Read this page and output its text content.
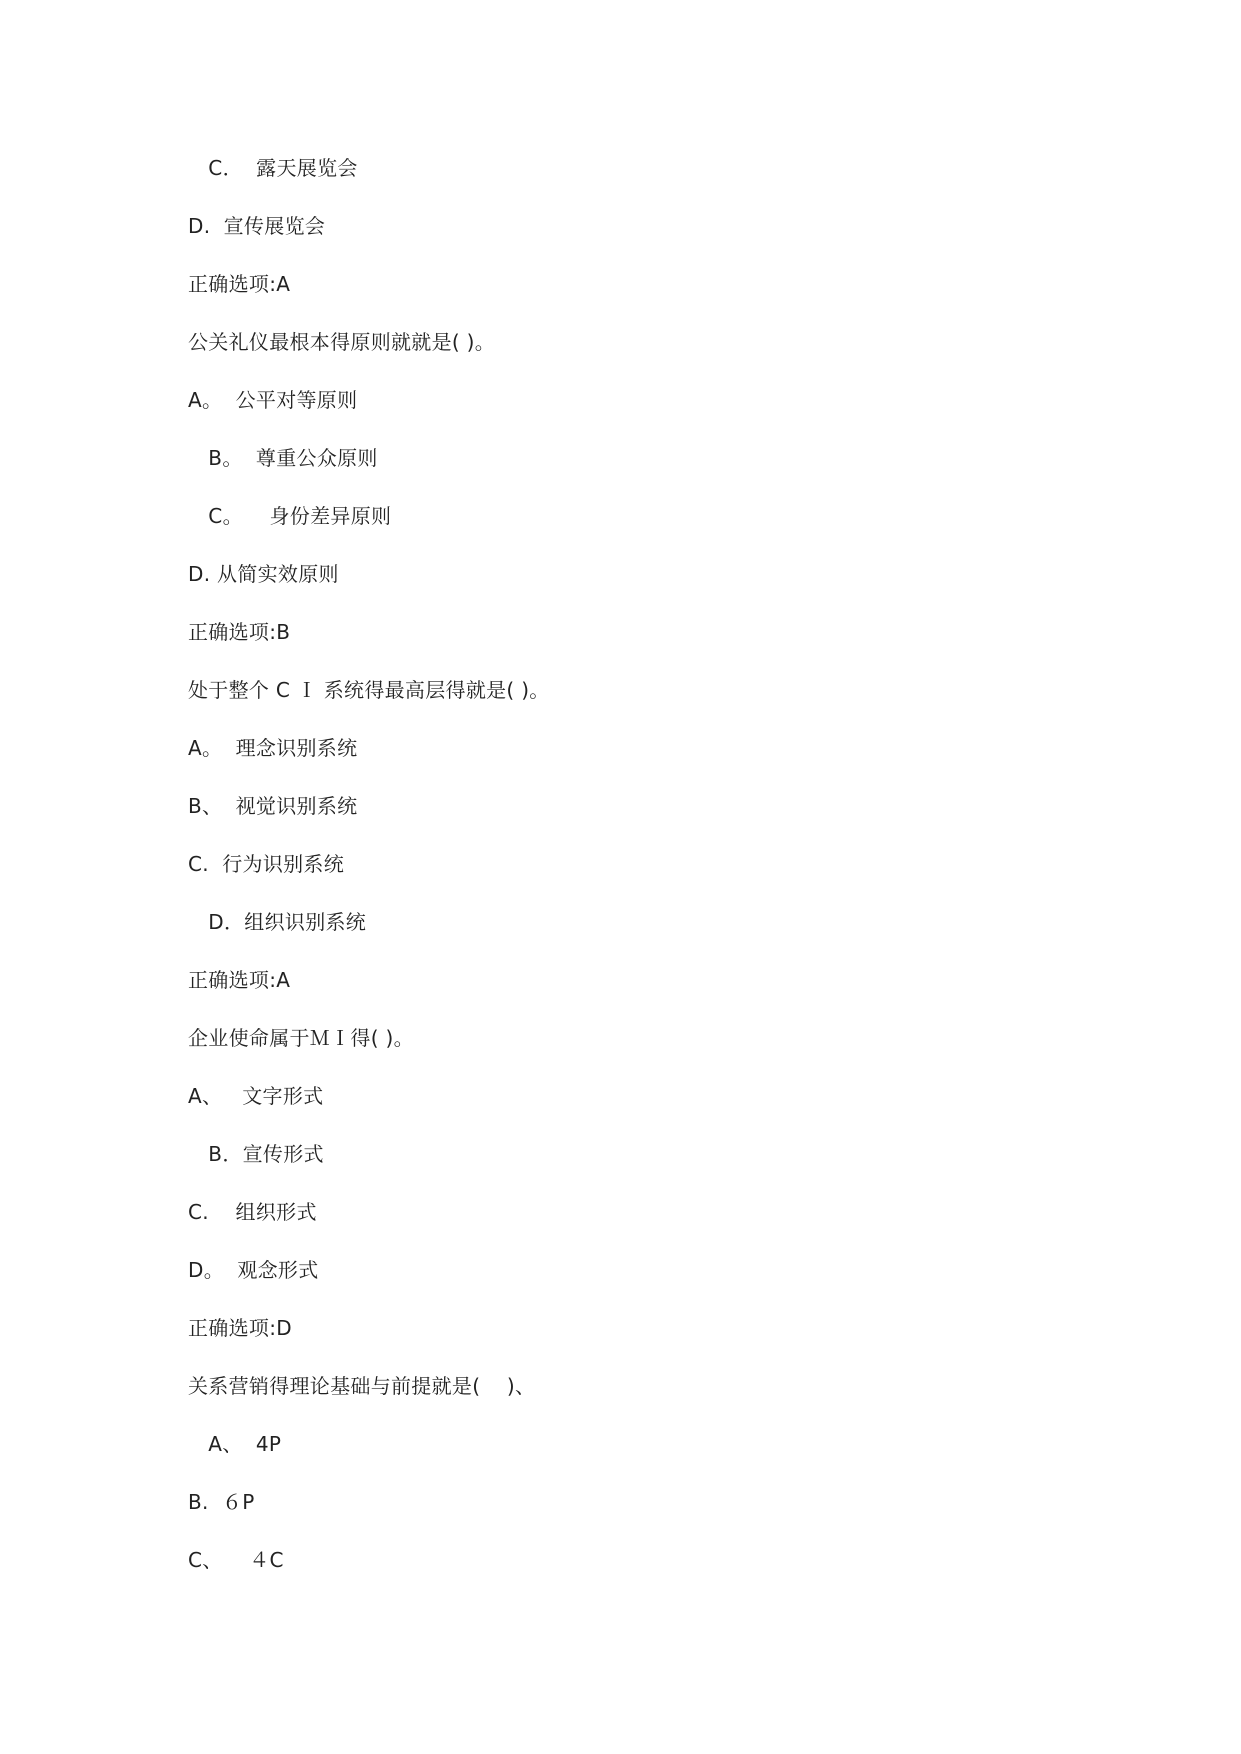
　C．  露天展览会
D.  宣传展览会
正确选项:A
公关礼仪最根本得原则就就是( )。
A。  公平对等原则
　B。  尊重公众原则
　C。    身份差异原则
D. 从简实效原则
正确选项:B
处于整个 C Ｉ 系统得最高层得就是( )。
A。  理念识别系统
B、  视觉识别系统
C.  行为识别系统
　D．组织识别系统
正确选项:A
企业使命属于ＭＩ得( )。
A、   文字形式
　B．宣传形式
C.    组织形式
D。  观念形式
正确选项:D
关系营销得理论基础与前提就是(    )、
　A、  4P
B.  ６P
C、    ４C
